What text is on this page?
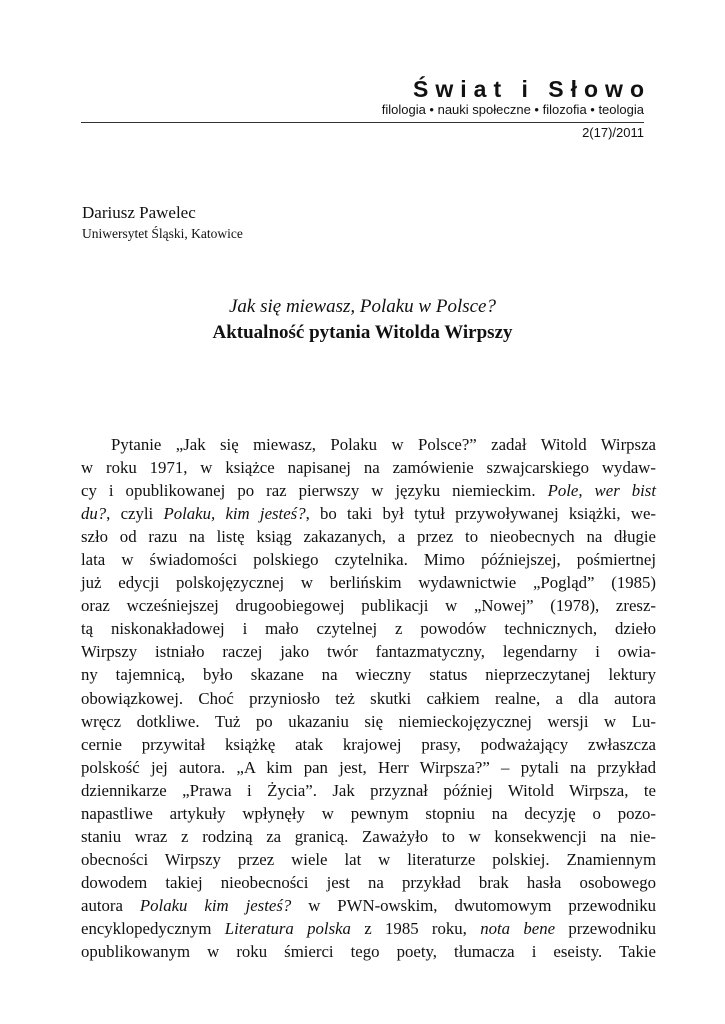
Świat i Słowo
filologia • nauki społeczne • filozofia • teologia
2(17)/2011
Dariusz Pawelec
Uniwersytet Śląski, Katowice
Jak się miewasz, Polaku w Polsce?
Aktualność pytania Witolda Wirpszy
Pytanie „Jak się miewasz, Polaku w Polsce?” zadał Witold Wirpsza
w roku 1971, w książce napisanej na zamówienie szwajcarskiego wydaw-
cy i opublikowanej po raz pierwszy w języku niemieckim. Pole, wer bist
du?, czyli Polaku, kim jesteś?, bo taki był tytuł przywoływanej książki, we-
szło od razu na listę ksiąg zakazanych, a przez to nieobecnych na długie
lata w świadomości polskiego czytelnika. Mimo późniejszej, pośmiertnej
już edycji polskojęzycznej w berlińskim wydawnictwie „Pogląd” (1985)
oraz wcześniejszej drugoobiegowej publikacji w „Nowej” (1978), zresz-
tą niskonakładowej i mało czytelnej z powodów technicznych, dzieło
Wirpszy istniało raczej jako twór fantazmatyczny, legendarny i owia-
ny tajemnicą, było skazane na wieczny status nieprzeczytanej lektury
obowiązkowej. Choć przyniosło też skutki całkiem realne, a dla autora
wręcz dotkliwe. Tuż po ukazaniu się niemieckojęzycznej wersji w Lu-
cernie przywitał książkę atak krajowej prasy, podważający zwłaszcza
polskość jej autora. „A kim pan jest, Herr Wirpsza?” – pytali na przykład
dziennikarze „Prawa i Życia”. Jak przyznał później Witold Wirpsza, te
napastliwe artykuły wpłynęły w pewnym stopniu na decyzję o pozo-
staniu wraz z rodziną za granicą. Zaważyło to w konsekwencji na nie-
obecności Wirpszy przez wiele lat w literaturze polskiej. Znamiennym
dowodem takiej nieobecności jest na przykład brak hasła osobowego
autora Polaku kim jesteś? w PWN-owskim, dwutomowym przewodniku
encyklopedycznym Literatura polska z 1985 roku, nota bene przewodniku
opublikowanym w roku śmierci tego poety, tłumacza i eseisty. Takie
